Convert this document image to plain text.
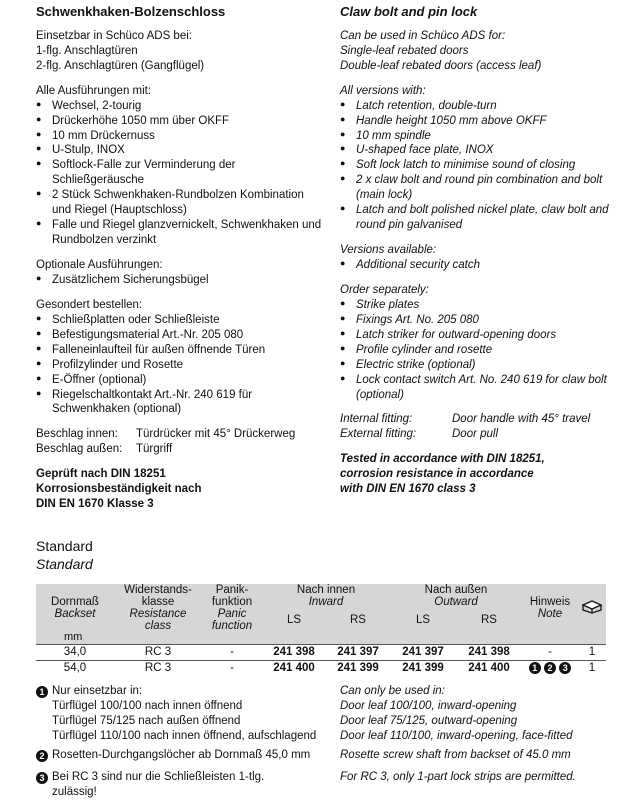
Schwenkhaken-Bolzenschloss
Einsetzbar in Schüco ADS bei:
1-flg. Anschlagtüren
2-flg. Anschlagtüren (Gangflügel)
Alle Ausführungen mit:
● Wechsel, 2-tourig
● Drückerhöhe 1050 mm über OKFF
● 10 mm Drückernuss
● U-Stulp, INOX
● Softlock-Falle zur Verminderung der Schließgeräusche
● 2 Stück Schwenkhaken-Rundbolzen Kombination und Riegel (Hauptschloss)
● Falle und Riegel glanzvernickelt, Schwenkhaken und Rundbolzen verzinkt
Optionale Ausführungen:
● Zusätzlichem Sicherungsbügel
Gesondert bestellen:
● Schließplatten oder Schließleiste
● Befestigungsmaterial Art.-Nr. 205 080
● Falleneinlaufteil für außen öffnende Türen
● Profilzylinder und Rosette
● E-Öffner (optional)
● Riegelschaltkontakt Art.-Nr. 240 619 für Schwenkhaken (optional)
Beschlag innen:	Türdrücker mit 45° Drückerweg
Beschlag außen:	Türgriff
Geprüft nach DIN 18251
Korrosionsbeständigkeit nach
DIN EN 1670 Klasse 3
Claw bolt and pin lock
Can be used in Schüco ADS for:
Single-leaf rebated doors
Double-leaf rebated doors (access leaf)
All versions with:
● Latch retention, double-turn
● Handle height 1050 mm above OKFF
● 10 mm spindle
● U-shaped face plate, INOX
● Soft lock latch to minimise sound of closing
● 2 x claw bolt and round pin combination and bolt (main lock)
● Latch and bolt polished nickel plate, claw bolt and round pin galvanised
Versions available:
● Additional security catch
Order separately:
● Strike plates
● Fixings Art. No. 205 080
● Latch striker for outward-opening doors
● Profile cylinder and rosette
● Electric strike (optional)
● Lock contact switch Art. No. 240 619 for claw bolt (optional)
Internal fitting:	Door handle with 45° travel
External fitting:	Door pull
Tested in accordance with DIN 18251,
corrosion resistance in accordance
with DIN EN 1670 class 3
Standard
Standard
Dornmaß
Backset	Widerstands-
klasse
Resistance
class	Panik-
funktion
Panic
function	Nach innen
Inward		Nach außen
Outward		Hinweis
Note

			LS	RS	LS	RS		
mm								
34,0	RC 3	-	241 398	241 397	241 397	241 398	-	1
54,0	RC 3	-	241 400	241 399	241 399	241 400	1 2 3	1
1 Nur einsetzbar in:
Türflügel 100/100 nach innen öffnend
Türflügel 75/125 nach außen öffnend
Türflügel 110/100 nach innen öffnend, aufschlagend
Can only be used in:
Door leaf 100/100, inward-opening
Door leaf 75/125, outward-opening
Door leaf 110/100, inward-opening, face-fitted
2 Rosetten-Durchgangslöcher ab Dornmaß 45,0 mm	Rosette screw shaft from backset of 45.0 mm
3 Bei RC 3 sind nur die Schließleisten 1-tlg.
zulässig!
For RC 3, only 1-part lock strips are permitted.
